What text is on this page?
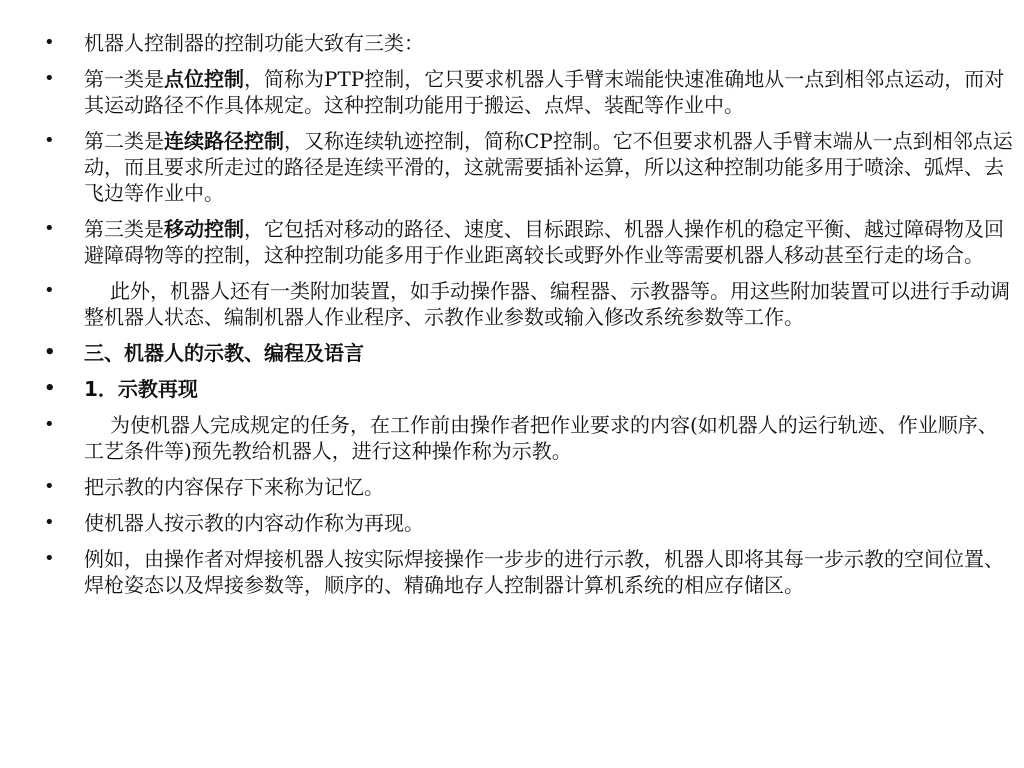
•	机器人控制器的控制功能大致有三类：
•	第一类是点位控制，简称为PTP控制，它只要求机器人手臂末端能快速准确地从一点到相邻点运动，而对其运动路径不作具体规定。这种控制功能用于搬运、点焊、装配等作业中。
•	第二类是连续路径控制，又称连续轨迹控制，简称CP控制。它不但要求机器人手臂末端从一点到相邻点运动，而且要求所走过的路径是连续平滑的，这就需要插补运算，所以这种控制功能多用于喷涂、弧焊、去飞边等作业中。
•	第三类是移动控制，它包括对移动的路径、速度、目标跟踪、机器人操作机的稳定平衡、越过障碍物及回避障碍物等的控制，这种控制功能多用于作业距离较长或野外作业等需要机器人移动甚至行走的场合。
•	此外，机器人还有一类附加装置，如手动操作器、编程器、示教器等。用这些附加装置可以进行手动调整机器人状态、编制机器人作业程序、示教作业参数或输入修改系统参数等工作。
•	三、机器人的示教、编程及语言
•	1．示教再现
•	为使机器人完成规定的任务，在工作前由操作者把作业要求的内容(如机器人的运行轨迹、作业顺序、工艺条件等)预先教给机器人，进行这种操作称为示教。
•	把示教的内容保存下来称为记忆。
•	使机器人按示教的内容动作称为再现。
•	例如，由操作者对焊接机器人按实际焊接操作一步步的进行示教，机器人即将其每一步示教的空间位置、焊枪姿态以及焊接参数等，顺序的、精确地存人控制器计算机系统的相应存储区。
